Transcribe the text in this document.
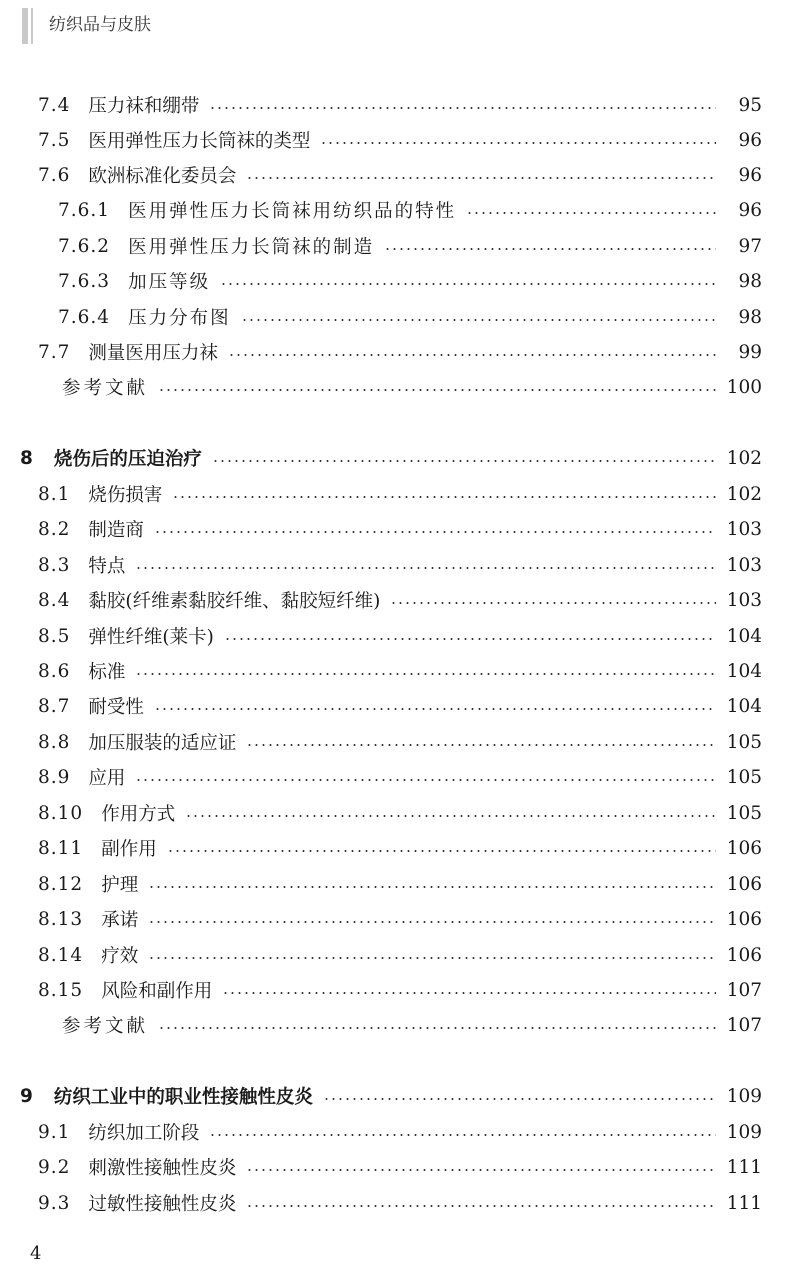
纺织品与皮肤
7.4 压力袜和绷带	95
7.5 医用弹性压力长筒袜的类型	96
7.6 欧洲标准化委员会	96
7.6.1 医用弹性压力长筒袜用纺织品的特性	96
7.6.2 医用弹性压力长筒袜的制造	97
7.6.3 加压等级	98
7.6.4 压力分布图	98
7.7 测量医用压力袜	99
参考文献	100
8 烧伤后的压迫治疗	102
8.1 烧伤损害	102
8.2 制造商	103
8.3 特点	103
8.4 黏胶(纤维素黏胶纤维、黏胶短纤维)	103
8.5 弹性纤维(莱卡)	104
8.6 标准	104
8.7 耐受性	104
8.8 加压服装的适应证	105
8.9 应用	105
8.10 作用方式	105
8.11 副作用	106
8.12 护理	106
8.13 承诺	106
8.14 疗效	106
8.15 风险和副作用	107
参考文献	107
9 纺织工业中的职业性接触性皮炎	109
9.1 纺织加工阶段	109
9.2 刺激性接触性皮炎	111
9.3 过敏性接触性皮炎	111
4
